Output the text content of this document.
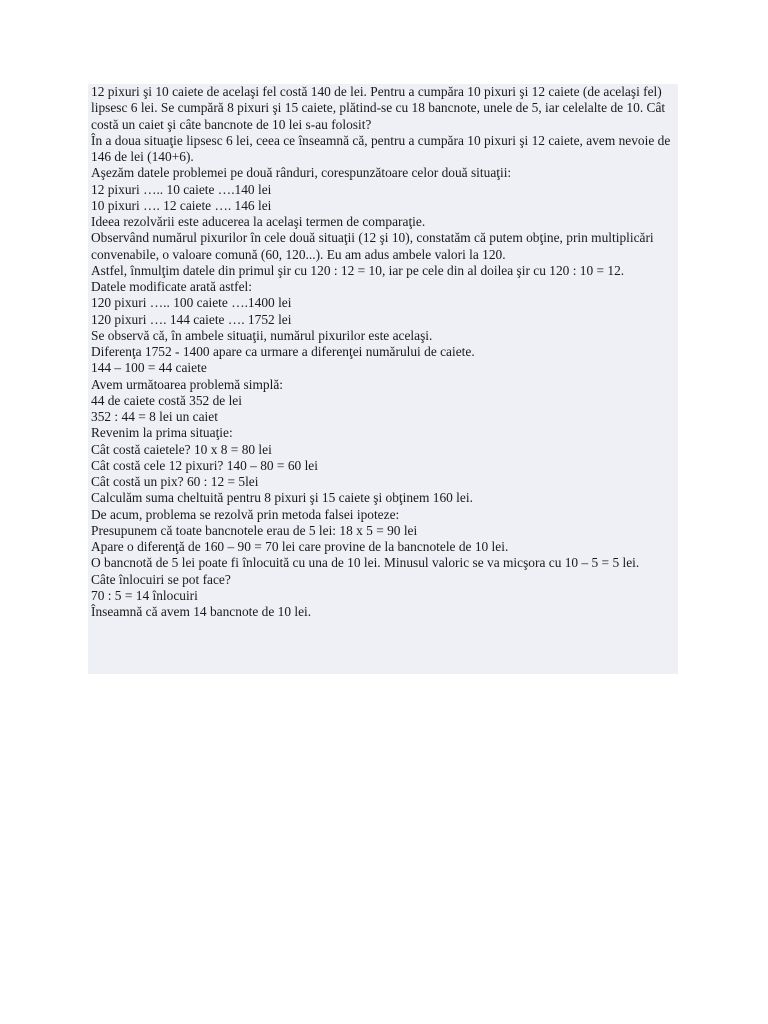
12 pixuri şi 10 caiete de acelaşi fel costă 140 de lei. Pentru a cumpăra 10 pixuri şi 12 caiete (de acelaşi fel) lipsesc 6 lei. Se cumpără 8 pixuri şi 15 caiete, plătind-se cu 18 bancnote, unele de 5, iar celelalte de 10. Cât costă un caiet şi câte bancnote de 10 lei s-au folosit?

În a doua situaţie lipsesc 6 lei, ceea ce înseamnă că, pentru a cumpăra 10 pixuri şi 12 caiete, avem nevoie de 146 de lei (140+6).

Aşezăm datele problemei pe două rânduri, corespunzătoare celor două situaţii:

12 pixuri ….. 10 caiete ….140 lei

10 pixuri …. 12 caiete …. 146 lei

Ideea rezolvării este aducerea la acelaşi termen de comparaţie.

Observând numărul pixurilor în cele două situaţii (12 şi 10), constatăm că putem obţine, prin multiplicări convenabile, o valoare comună (60, 120...). Eu am adus ambele valori la 120.

Astfel, înmulţim datele din primul şir cu 120 : 12 = 10, iar pe cele din al doilea şir cu 120 : 10 = 12.

Datele modificate arată astfel:

120 pixuri ….. 100 caiete ….1400 lei

120 pixuri …. 144 caiete …. 1752 lei

Se observă că, în ambele situaţii, numărul pixurilor este acelaşi.

Diferenţa 1752 - 1400 apare ca urmare a diferenţei numărului de caiete.

144 – 100 = 44 caiete

Avem următoarea problemă simplă:

44 de caiete costă 352 de lei

352 : 44 = 8 lei un caiet

Revenim la prima situaţie:

Cât costă caietele? 10 x 8 = 80 lei

Cât costă cele 12 pixuri? 140 – 80 = 60 lei

Cât costă un pix? 60 : 12 = 5lei

Calculăm suma cheltuită pentru 8 pixuri şi 15 caiete şi obţinem 160 lei.

De acum, problema se rezolvă prin metoda falsei ipoteze:

Presupunem că toate bancnotele erau de 5 lei: 18 x 5 = 90 lei

Apare o diferenţă de 160 – 90 = 70 lei care provine de la bancnotele de 10 lei.

O bancnotă de 5 lei poate fi înlocuită cu una de 10 lei. Minusul valoric se va micşora cu 10 – 5 = 5 lei.

Câte înlocuiri se pot face?

70 : 5 = 14 înlocuiri

Înseamnă că avem 14 bancnote de 10 lei.
